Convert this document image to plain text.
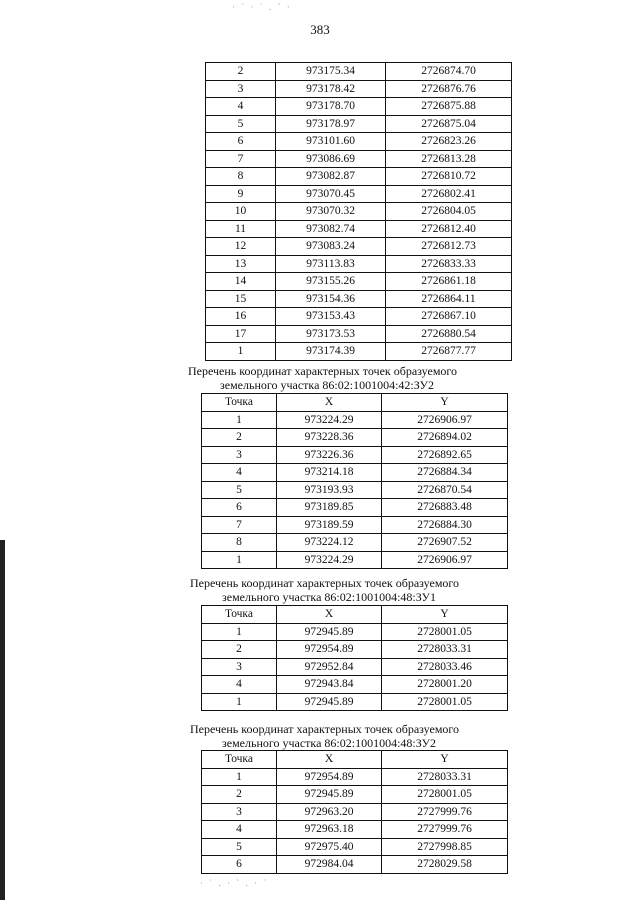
· ` · ˙ . ` ·
383
2	973175.34	2726874.70
3	973178.42	2726876.76
4	973178.70	2726875.88
5	973178.97	2726875.04
6	973101.60	2726823.26
7	973086.69	2726813.28
8	973082.87	2726810.72
9	973070.45	2726802.41
10	973070.32	2726804.05
11	973082.74	2726812.40
12	973083.24	2726812.73
13	973113.83	2726833.33
14	973155.26	2726861.18
15	973154.36	2726864.11
16	973153.43	2726867.10
17	973173.53	2726880.54
1	973174.39	2726877.77
Перечень координат характерных точек образуемого
земельного участка 86:02:1001004:42:ЗУ2
Точка	X	Y
1	973224.29	2726906.97
2	973228.36	2726894.02
3	973226.36	2726892.65
4	973214.18	2726884.34
5	973193.93	2726870.54
6	973189.85	2726883.48
7	973189.59	2726884.30
8	973224.12	2726907.52
1	973224.29	2726906.97
Перечень координат характерных точек образуемого
земельного участка 86:02:1001004:48:ЗУ1
Точка	X	Y
1	972945.89	2728001.05
2	972954.89	2728033.31
3	972952.84	2728033.46
4	972943.84	2728001.20
1	972945.89	2728001.05
Перечень координат характерных точек образуемого
земельного участка 86:02:1001004:48:ЗУ2
Точка	X	Y
1	972954.89	2728033.31
2	972945.89	2728001.05
3	972963.20	2727999.76
4	972963.18	2727999.76
5	972975.40	2727998.85
6	972984.04	2728029.58
· ˙ . · ` . · ˙
